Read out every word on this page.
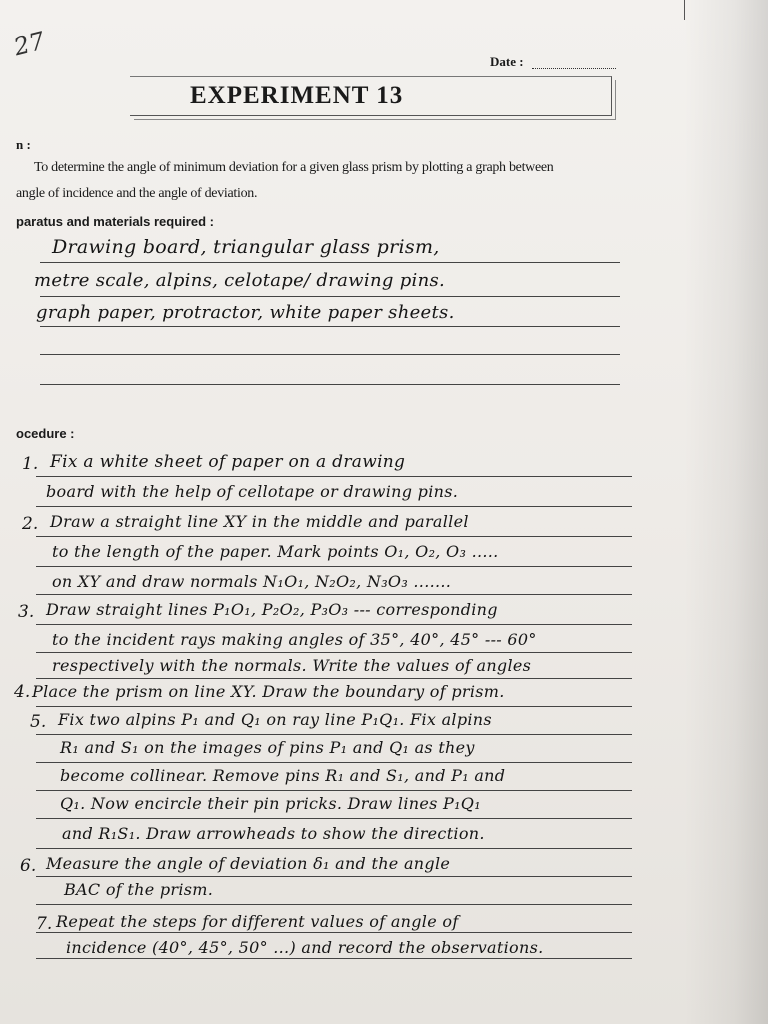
27
Date :
EXPERIMENT 13
n :
To determine the angle of minimum deviation for a given glass prism by plotting a graph between
angle of incidence and the angle of deviation.
paratus and materials required :
Drawing board, triangular glass prism,
metre scale, alpins, celotape/ drawing pins.
graph paper, protractor, white paper sheets.
ocedure :
1.
2.
3.
4.
5.
6.
7.
Fix a white sheet of paper on a drawing
board with the help of cellotape or drawing pins.
Draw a straight line XY in the middle and parallel
to the length of the paper. Mark points O₁, O₂, O₃ .....
on XY and draw normals N₁O₁, N₂O₂, N₃O₃ .......
Draw straight lines P₁O₁, P₂O₂, P₃O₃ --- corresponding
to the incident rays making angles of 35°, 40°, 45° --- 60°
respectively with the normals. Write the values of angles
Place the prism on line XY. Draw the boundary of prism.
Fix two alpins P₁ and Q₁ on ray line P₁Q₁. Fix alpins
R₁ and S₁ on the images of pins P₁ and Q₁ as they
become collinear. Remove pins R₁ and S₁, and P₁ and
Q₁. Now encircle their pin pricks. Draw lines P₁Q₁
and R₁S₁. Draw arrowheads to show the direction.
Measure the angle of deviation δ₁ and the angle
BAC of the prism.
Repeat the steps for different values of angle of
incidence (40°, 45°, 50° ...) and record the observations.
